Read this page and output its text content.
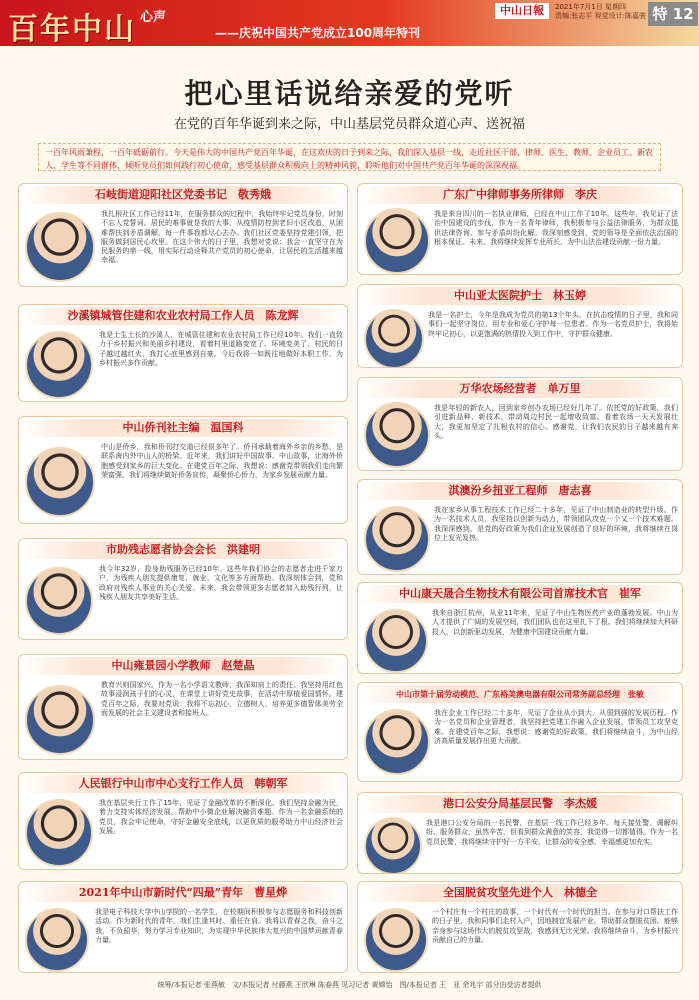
百年中山 心声
——庆祝中国共产党成立100周年特刊
中山日報	2021年7月1日 星期四
责编:张志平 视觉设计:陈嘉骏 特 12
把心里话说给亲爱的党听
在党的百年华诞到来之际，中山基层党员群众道心声、送祝福
一百年风雨兼程，一百年砥砺前行。今天是伟大的中国共产党百年华诞，在这欢庆的日子到来之际，我们深入基层一线，走近社区干部、律师、医生、教师、企业员工、新农人、学生等不同群体，倾听党员们如何践行初心使命，感受基层群众积极向上的精神风貌，聆听他们对中国共产党百年华诞的深深祝福。
石岐街道迎阳社区党委书记　敬秀娥
我扎根社区工作已经11年，在服务群众的过程中，我始终牢记党员身份，时刻不忘入党誓词。居民的难事就是我的大事，从疫情防控到老旧小区改造，从困难帮扶到矛盾调解，每一件事我都尽心去办。我们社区党委坚持党建引领，把服务做到居民心坎里。在这个伟大的日子里，我想对党说：我会一直坚守在为民服务的第一线，用实际行动诠释共产党员的初心使命，让居民的生活越来越幸福。
沙溪镇城管住建和农业农村局工作人员　陈龙辉
我是土生土长的沙溪人，在城管住建和农业农村局工作已经10年。我们一直致力于乡村振兴和美丽乡村建设，看着村里道路变宽了、环境变美了、村民的日子越过越红火，我打心底里感到自豪。今后我将一如既往地做好本职工作，为乡村振兴多作贡献。
中山侨刊社主编　温国科
中山是侨乡，我和侨刊打交道已经很多年了。侨刊承载着海外乡亲的乡愁，是联系海内外中山人的桥梁。近年来，我们讲好中国故事、中山故事，让海外侨胞感受到家乡的巨大变化。在建党百年之际，我想说：感谢党带领我们走向繁荣富强，我们将继续做好侨务宣传，凝聚侨心侨力，为家乡发展贡献力量。
市助残志愿者协会会长　洪建明
我今年32岁，投身助残服务已经10年。这些年我们协会的志愿者走进千家万户，为残疾人朋友提供康复、就业、文化等多方面帮助。我深刻体会到，党和政府对残疾人事业的关心关爱。未来，我会带领更多志愿者加入助残行列，让残疾人朋友共享美好生活。
中山雍景园小学教师　赵楚晶
教育兴则国家兴。作为一名小学语文教师，我深知肩上的责任。我坚持用红色故事浸润孩子们的心灵，在课堂上讲好党史故事，在活动中厚植爱国情怀。建党百年之际，我要对党说：我将不忘初心，立德树人，培养更多德智体美劳全面发展的社会主义建设者和接班人。
人民银行中山市中心支行工作人员　韩朝军
我在基层央行工作了15年，见证了金融改革的不断深化。我们坚持金融为民，着力支持实体经济发展，帮助中小微企业解决融资难题。作为一名金融系统的党员，我会牢记使命，守好金融安全底线，以更优质的服务助力中山经济社会发展。
2021年中山市新时代“四最”青年　曹星烨
我是电子科技大学中山学院的一名学生，在校期间积极参与志愿服务和科技创新活动。作为新时代的青年，我们生逢其时、重任在肩。我将以青春之我，奋斗之我，不负韶华，努力学习专业知识，为实现中华民族伟大复兴的中国梦贡献青春力量。
广东广中律师事务所律师　李庆
我是来自四川的一名执业律师，已经在中山工作了10年。这些年，我见证了法治中国建设的步伐，作为一名青年律师，我积极参与公益法律服务，为群众提供法律咨询，参与矛盾纠纷化解。我深刻感受到，党的领导是全面依法治国的根本保证。未来，我将继续发挥专业所长，为中山法治建设贡献一份力量。
中山亚太医院护士　林玉婷
我是一名护士，今年是我成为党员的第13个年头。在抗击疫情的日子里，我和同事们一起坚守岗位，用专业和爱心守护每一位患者。作为一名党员护士，我将始终牢记初心，以更饱满的热情投入到工作中，守护群众健康。
万华农场经营者　单万里
我是年轻的新农人，回到家乡创办农场已经好几年了。依托党的好政策，我们引进新品种、新技术，带动周边村民一起增收致富。看着农场一天天发展壮大，我更加坚定了扎根农村的信心。感谢党，让我们农民的日子越来越有奔头。
淇澳汾乡扭亚工程师　唐志喜
我在家乡从事工程技术工作已经二十多年，见证了中山制造业的转型升级。作为一名技术人员，我坚持以创新为动力，带领团队攻克一个又一个技术难题。我深深感到，是党的好政策为我们企业发展创造了良好的环境，我将继续在岗位上发光发热。
中山康天晟合生物技术有限公司首席技术官　崔军
我来自浙江杭州，从业11年来，见证了中山生物医药产业的蓬勃发展。中山为人才提供了广阔的发展空间，我们团队也在这里扎下了根。我们将继续加大科研投入，以创新驱动发展，为健康中国建设贡献力量。
中山市第十届劳动模范、广东裕美澳电器有限公司常务副总经理　张敏
我在企业工作已经二十多年，见证了企业从小到大、从弱到强的发展历程。作为一名党员和企业管理者，我坚持把党建工作融入企业发展，带领员工攻坚克难。在建党百年之际，我想说：感谢党的好政策，我们将继续奋斗，为中山经济高质量发展作出更大贡献。
港口公安分局基层民警　李杰媛
我是港口公安分局的一名民警，在基层一线工作已经多年。每天接处警、调解纠纷、服务群众，虽然辛苦，但看到群众满意的笑容，我觉得一切都值得。作为一名党员民警，我将继续守护好一方平安，让群众的安全感、幸福感更加充实。
全国脱贫攻坚先进个人　林德全
一个村庄有一个村庄的故事，一个时代有一个时代的担当。在参与对口帮扶工作的日子里，我和同事们走村入户，因地制宜发展产业，帮助群众摆脱贫困。能够亲身参与这场伟大的脱贫攻坚战，我感到无比光荣。我将继续奋斗，为乡村振兴贡献自己的力量。
统筹/本报记者 张燕敏　文/本报记者 付藤燕 王欣琳 陈春燕 见习记者 黄嫦怡　图/本报记者 王　亚 余兆宇 部分由受访者提供
